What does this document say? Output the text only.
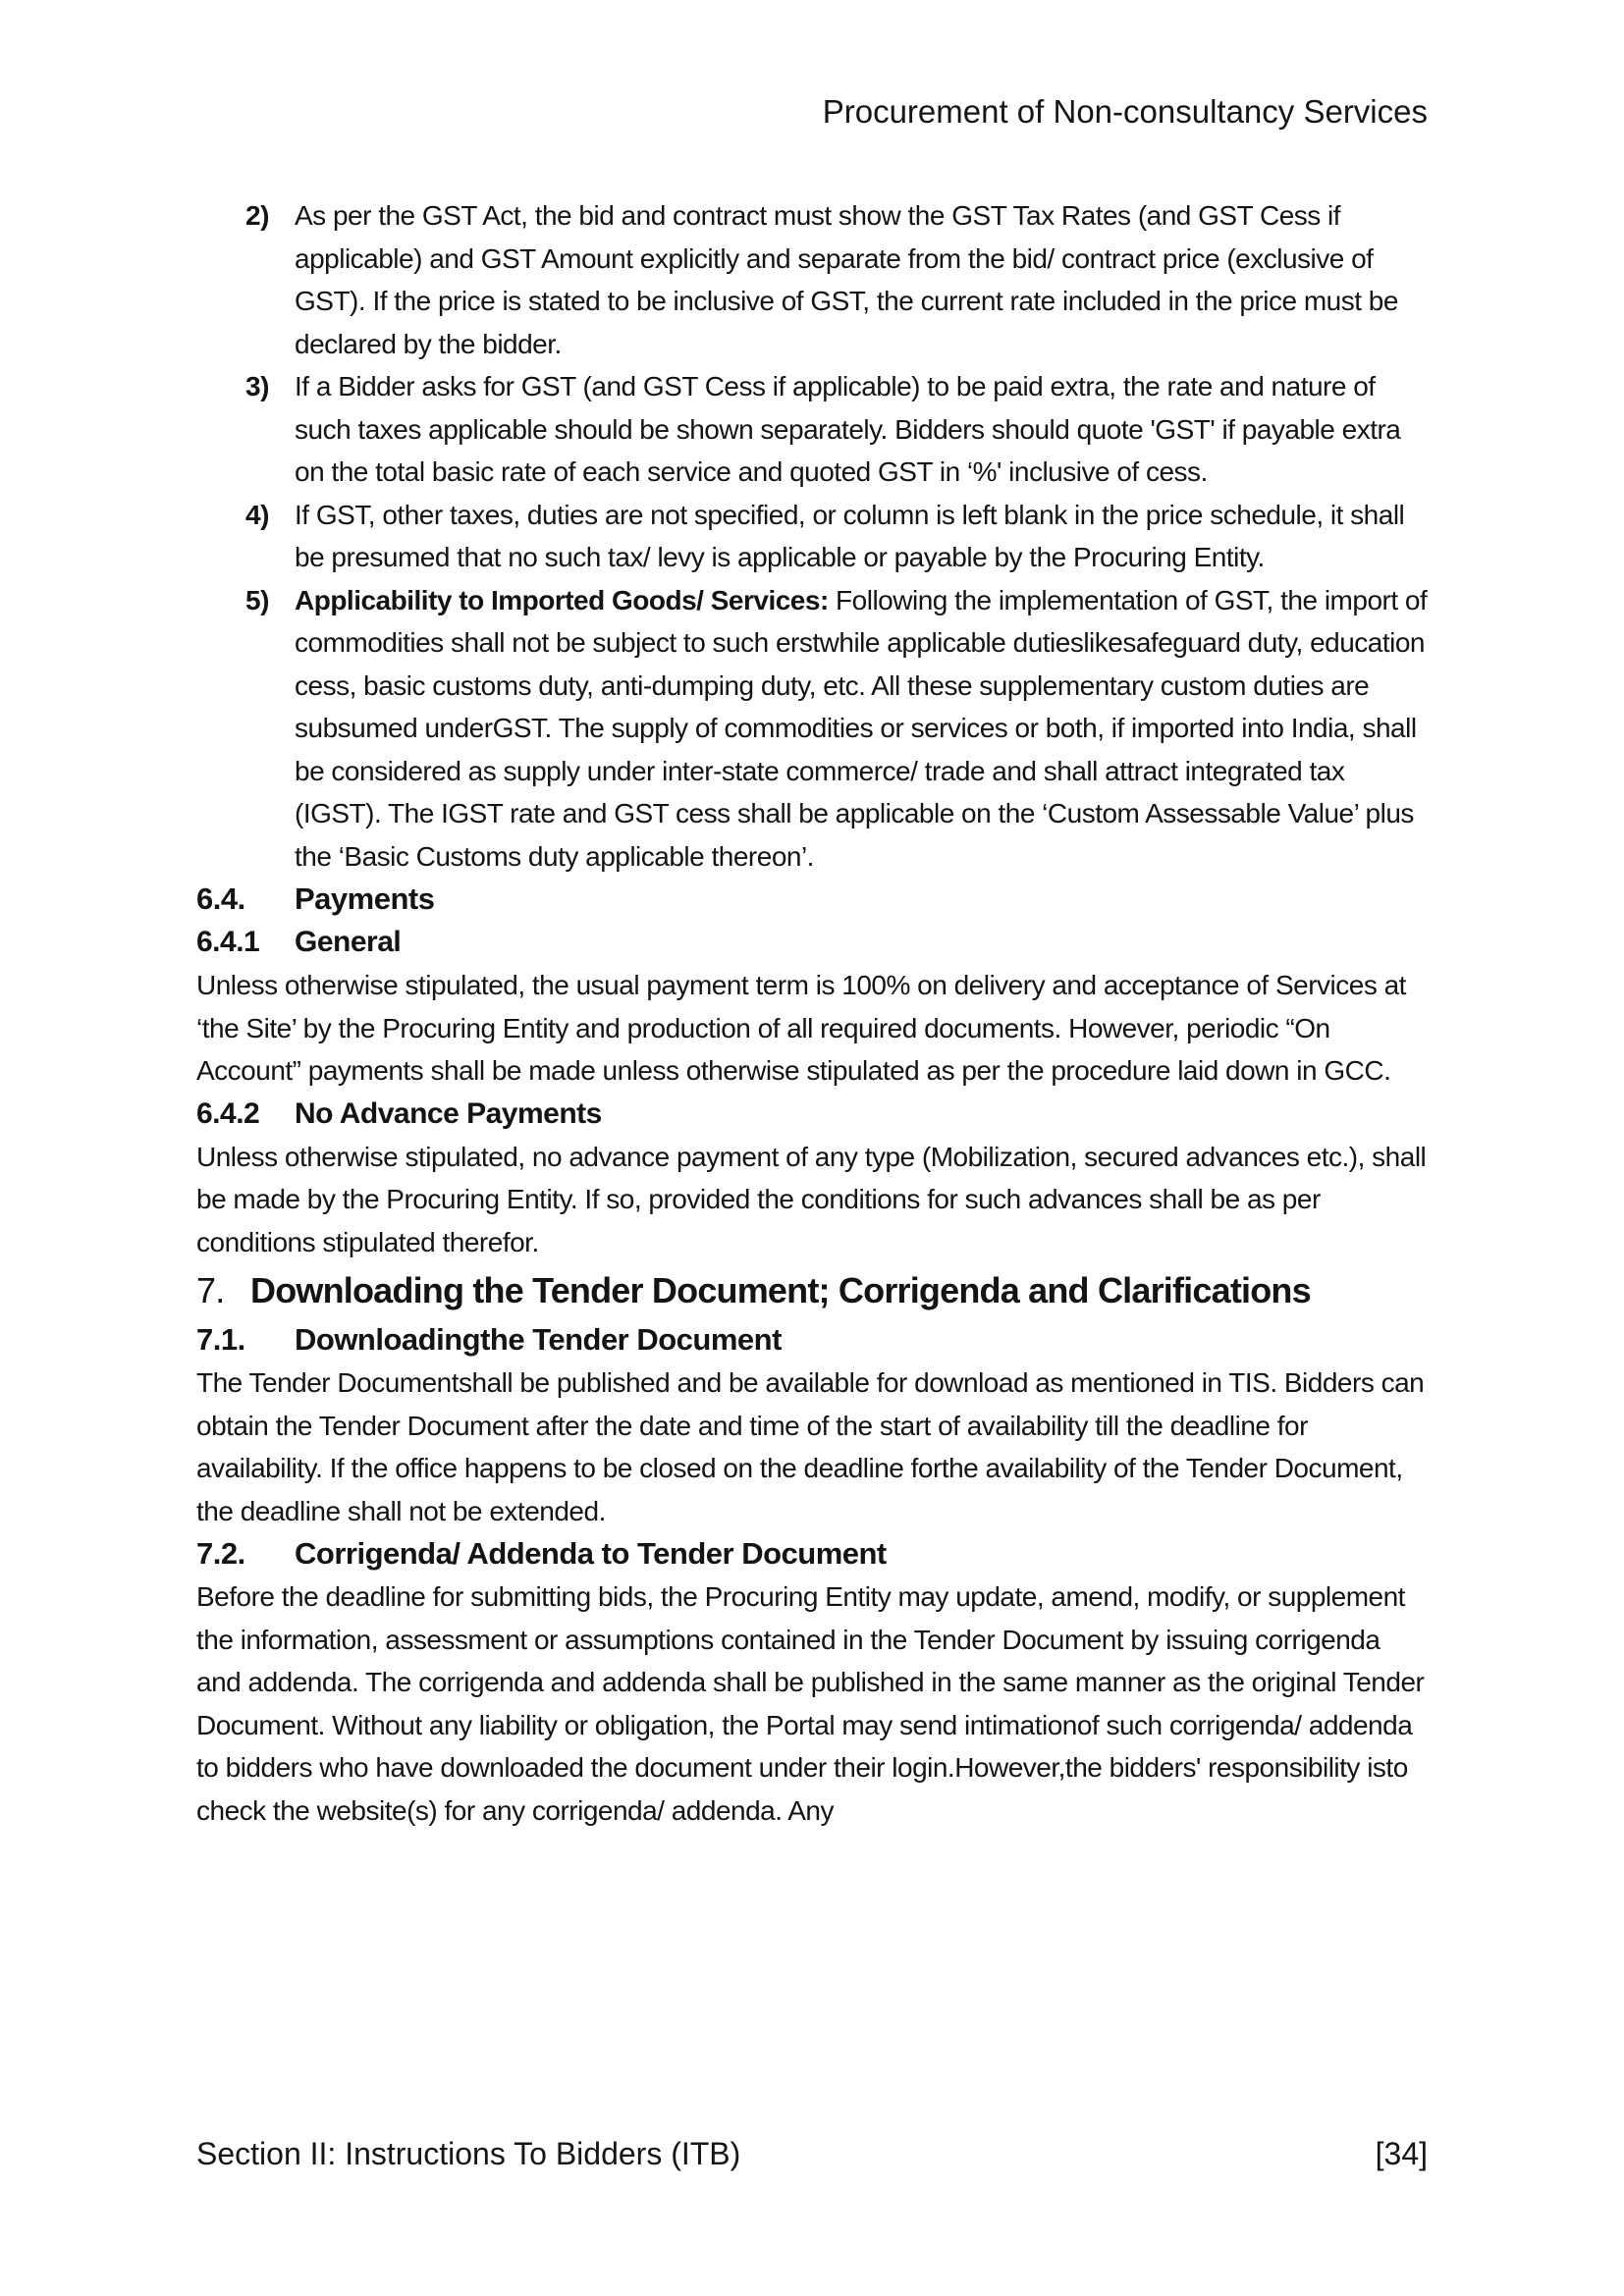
Procurement of Non-consultancy Services
2) As per the GST Act, the bid and contract must show the GST Tax Rates (and GST Cess if applicable) and GST Amount explicitly and separate from the bid/ contract price (exclusive of GST). If the price is stated to be inclusive of GST, the current rate included in the price must be declared by the bidder.
3) If a Bidder asks for GST (and GST Cess if applicable) to be paid extra, the rate and nature of such taxes applicable should be shown separately. Bidders should quote 'GST' if payable extra on the total basic rate of each service and quoted GST in ‘%' inclusive of cess.
4) If GST, other taxes, duties are not specified, or column is left blank in the price schedule, it shall be presumed that no such tax/ levy is applicable or payable by the Procuring Entity.
5) Applicability to Imported Goods/ Services: Following the implementation of GST, the import of commodities shall not be subject to such erstwhile applicable dutieslikesafeguard duty, education cess, basic customs duty, anti-dumping duty, etc. All these supplementary custom duties are subsumed underGST. The supply of commodities or services or both, if imported into India, shall be considered as supply under inter-state commerce/ trade and shall attract integrated tax (IGST). The IGST rate and GST cess shall be applicable on the ‘Custom Assessable Value’ plus the ‘Basic Customs duty applicable thereon’.
6.4.	Payments
6.4.1	General

Unless otherwise stipulated, the usual payment term is 100% on delivery and acceptance of Services at ‘the Site’ by the Procuring Entity and production of all required documents. However, periodic “On Account” payments shall be made unless otherwise stipulated as per the procedure laid down in GCC.

6.4.2	No Advance Payments

Unless otherwise stipulated, no advance payment of any type (Mobilization, secured advances etc.), shall be made by the Procuring Entity. If so, provided the conditions for such advances shall be as per conditions stipulated therefor.

7. Downloading the Tender Document; Corrigenda and Clarifications
7.1.	Downloadingthe Tender Document

The Tender Documentshall be published and be available for download as mentioned in TIS. Bidders can obtain the Tender Document after the date and time of the start of availability till the deadline for availability. If the office happens to be closed on the deadline forthe availability of the Tender Document, the deadline shall not be extended.

7.2.	Corrigenda/ Addenda to Tender Document

Before the deadline for submitting bids, the Procuring Entity may update, amend, modify, or supplement the information, assessment or assumptions contained in the Tender Document by issuing corrigenda and addenda. The corrigenda and addenda shall be published in the same manner as the original Tender Document. Without any liability or obligation, the Portal may send intimationof such corrigenda/ addenda to bidders who have downloaded the document under their login.However,the bidders' responsibility isto check the website(s) for any corrigenda/ addenda. Any

Section II: Instructions To Bidders (ITB)	[34]
